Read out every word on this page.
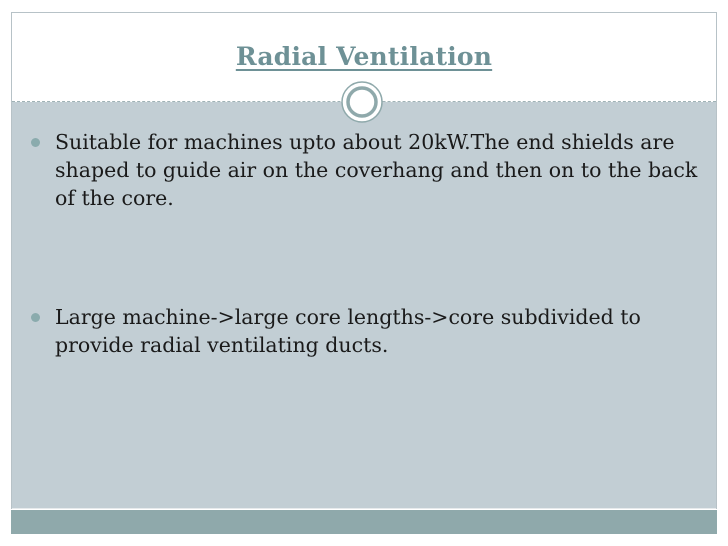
Radial Ventilation
Suitable for machines upto about 20kW.The end shields are shaped to guide air on the coverhang and then on to the back of the core.
Large machine->large core lengths->core subdivided to provide radial ventilating ducts.
